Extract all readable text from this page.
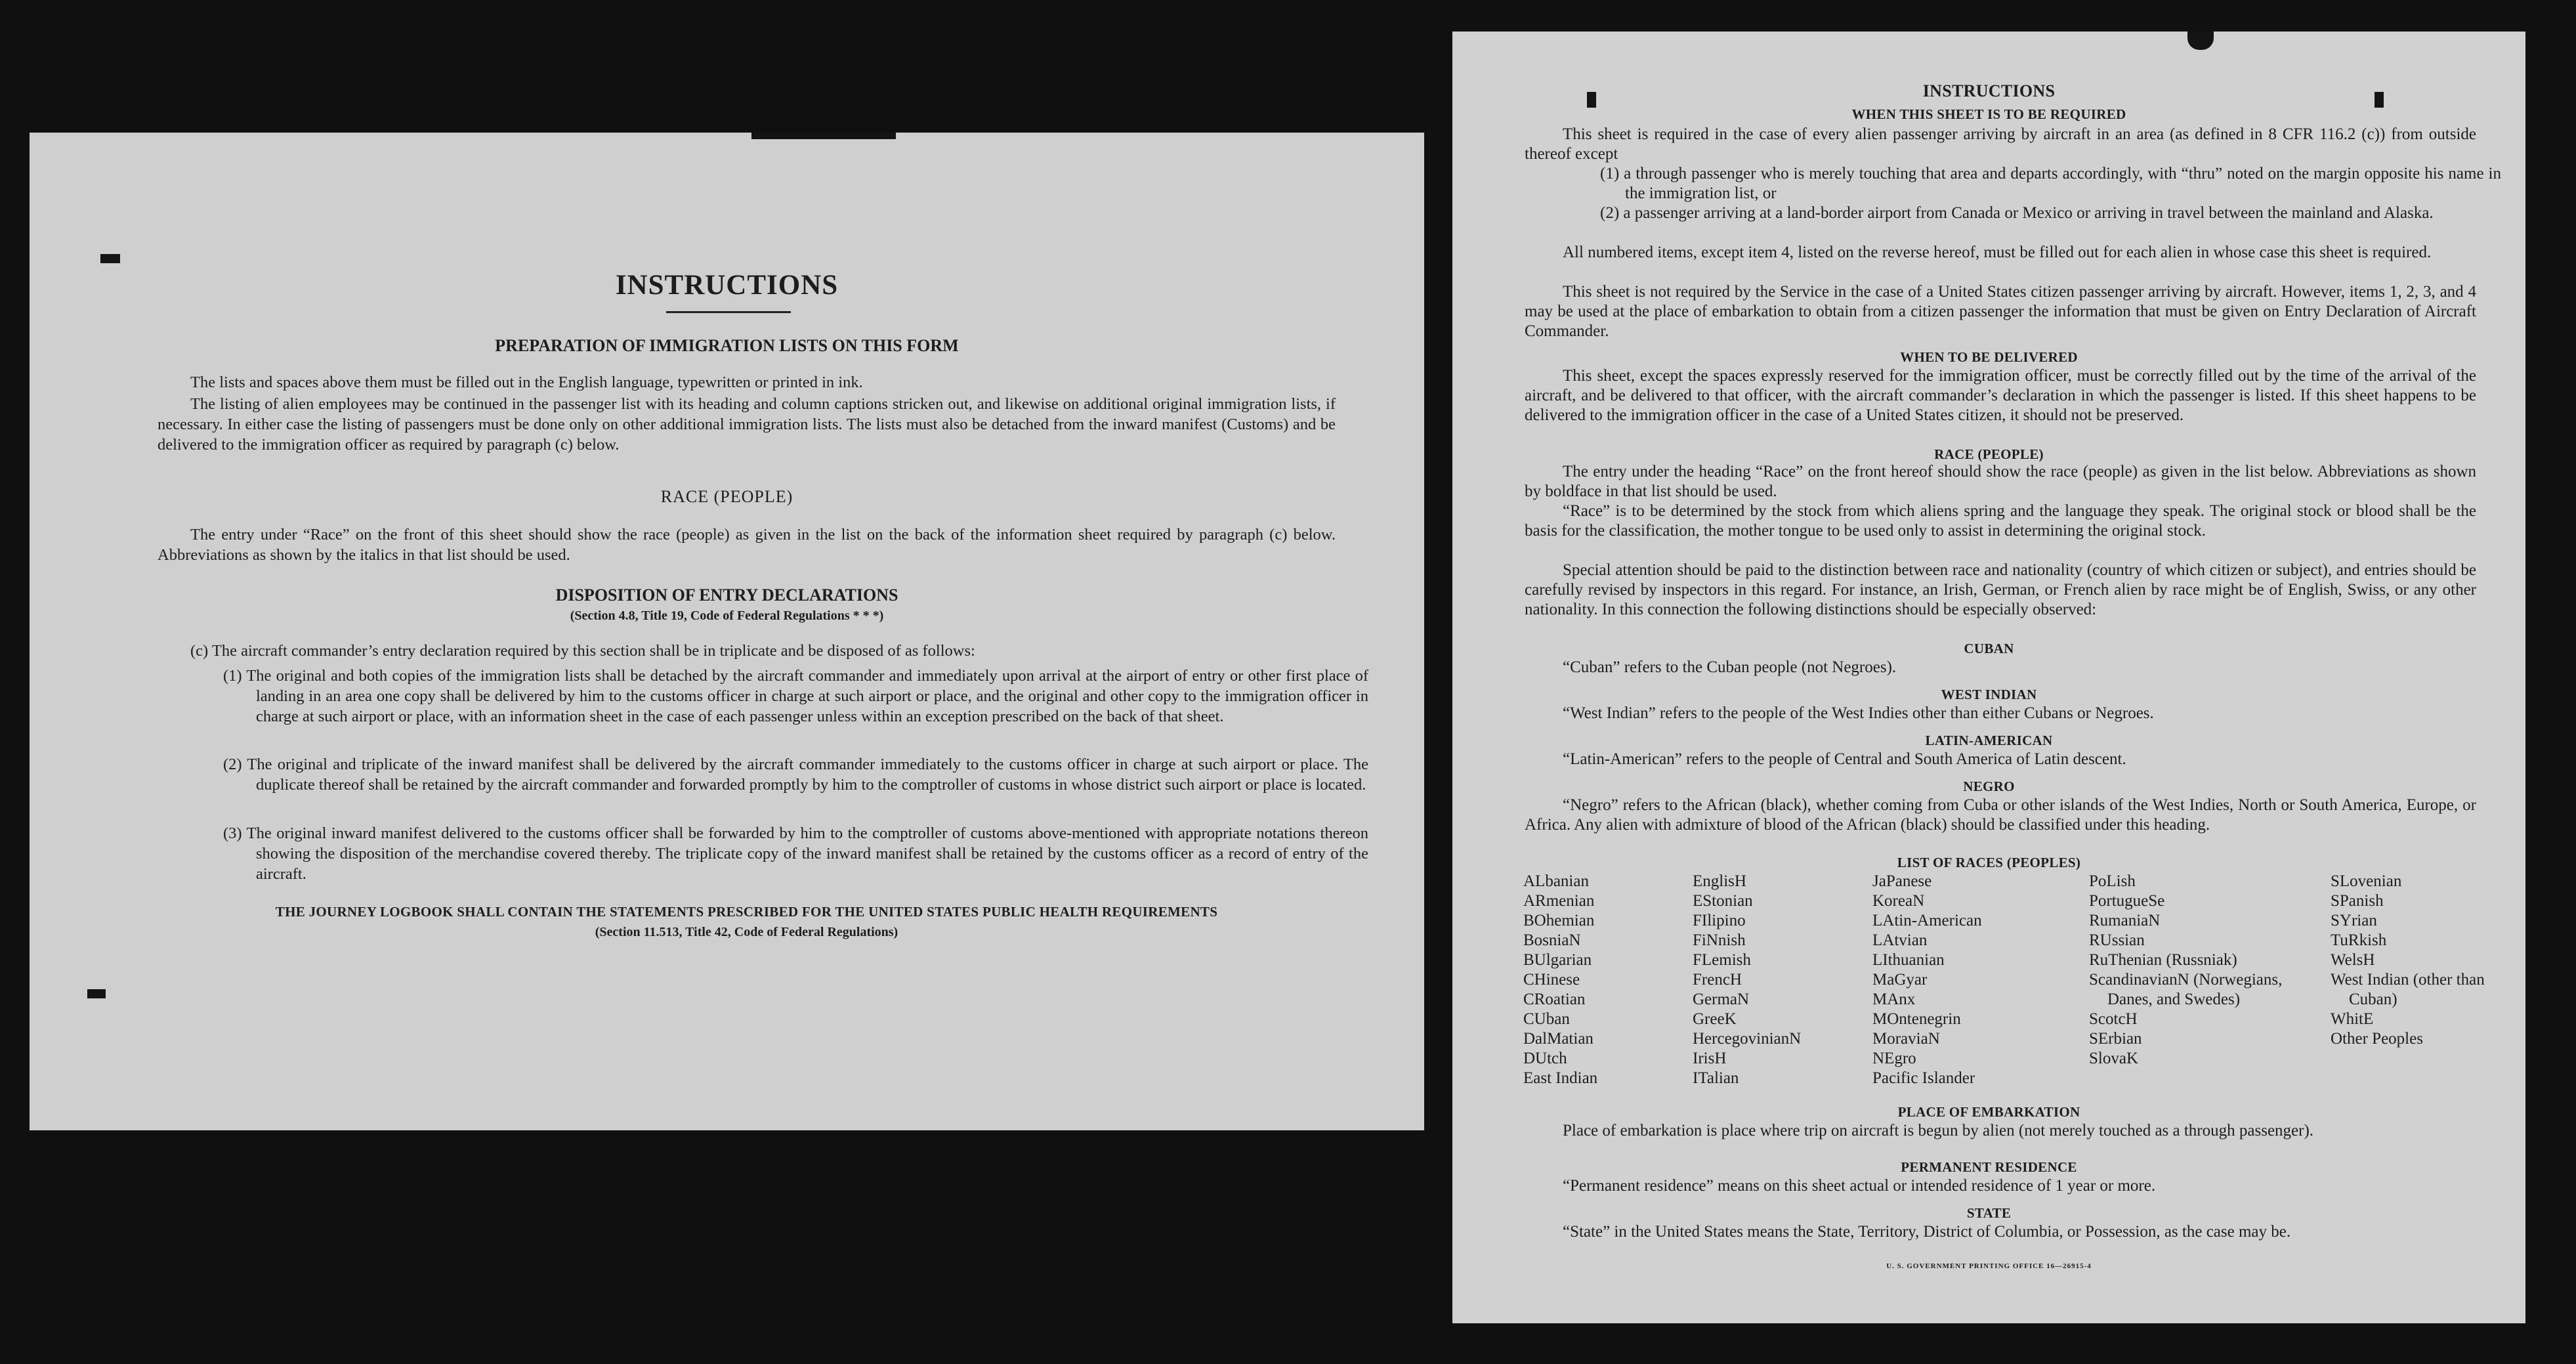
INSTRUCTIONS
PREPARATION OF IMMIGRATION LISTS ON THIS FORM
The lists and spaces above them must be filled out in the English language, typewritten or printed in ink.
The listing of alien employees may be continued in the passenger list with its heading and column captions stricken out, and likewise on additional original immigration lists, if necessary. In either case the listing of passengers must be done only on other additional immigration lists. The lists must also be detached from the inward manifest (Customs) and be delivered to the immigration officer as required by paragraph (c) below.
RACE (PEOPLE)
The entry under “Race” on the front of this sheet should show the race (people) as given in the list on the back of the information sheet required by paragraph (c) below. Abbreviations as shown by the italics in that list should be used.
DISPOSITION OF ENTRY DECLARATIONS
(Section 4.8, Title 19, Code of Federal Regulations * * *)
(c) The aircraft commander’s entry declaration required by this section shall be in triplicate and be disposed of as follows:
(1) The original and both copies of the immigration lists shall be detached by the aircraft commander and immediately upon arrival at the airport of entry or other first place of landing in an area one copy shall be delivered by him to the customs officer in charge at such airport or place, and the original and other copy to the immigration officer in charge at such airport or place, with an information sheet in the case of each passenger unless within an exception prescribed on the back of that sheet.
(2) The original and triplicate of the inward manifest shall be delivered by the aircraft commander immediately to the customs officer in charge at such airport or place. The duplicate thereof shall be retained by the aircraft commander and forwarded promptly by him to the comptroller of customs in whose district such airport or place is located.
(3) The original inward manifest delivered to the customs officer shall be forwarded by him to the comptroller of customs above-mentioned with appropriate notations thereon showing the disposition of the merchandise covered thereby. The triplicate copy of the inward manifest shall be retained by the customs officer as a record of entry of the aircraft.
THE JOURNEY LOGBOOK SHALL CONTAIN THE STATEMENTS PRESCRIBED FOR THE UNITED STATES PUBLIC HEALTH REQUIREMENTS
(Section 11.513, Title 42, Code of Federal Regulations)
INSTRUCTIONS
WHEN THIS SHEET IS TO BE REQUIRED
This sheet is required in the case of every alien passenger arriving by aircraft in an area (as defined in 8 CFR 116.2 (c)) from outside thereof except
(1) a through passenger who is merely touching that area and departs accordingly, with “thru” noted on the margin opposite his name in the immigration list, or
(2) a passenger arriving at a land-border airport from Canada or Mexico or arriving in travel between the mainland and Alaska.
All numbered items, except item 4, listed on the reverse hereof, must be filled out for each alien in whose case this sheet is required.
This sheet is not required by the Service in the case of a United States citizen passenger arriving by aircraft. However, items 1, 2, 3, and 4 may be used at the place of embarkation to obtain from a citizen passenger the information that must be given on Entry Declaration of Aircraft Commander.
WHEN TO BE DELIVERED
This sheet, except the spaces expressly reserved for the immigration officer, must be correctly filled out by the time of the arrival of the aircraft, and be delivered to that officer, with the aircraft commander’s declaration in which the passenger is listed. If this sheet happens to be delivered to the immigration officer in the case of a United States citizen, it should not be preserved.
RACE (PEOPLE)
The entry under the heading “Race” on the front hereof should show the race (people) as given in the list below. Abbreviations as shown by boldface in that list should be used.
“Race” is to be determined by the stock from which aliens spring and the language they speak. The original stock or blood shall be the basis for the classification, the mother tongue to be used only to assist in determining the original stock.
Special attention should be paid to the distinction between race and nationality (country of which citizen or subject), and entries should be carefully revised by inspectors in this regard. For instance, an Irish, German, or French alien by race might be of English, Swiss, or any other nationality. In this connection the following distinctions should be especially observed:
CUBAN
“Cuban” refers to the Cuban people (not Negroes).
WEST INDIAN
“West Indian” refers to the people of the West Indies other than either Cubans or Negroes.
LATIN-AMERICAN
“Latin-American” refers to the people of Central and South America of Latin descent.
NEGRO
“Negro” refers to the African (black), whether coming from Cuba or other islands of the West Indies, North or South America, Europe, or Africa. Any alien with admixture of blood of the African (black) should be classified under this heading.
LIST OF RACES (PEOPLES)
ALbanian
ARmenian
BOhemian
BosniaN
BUlgarian
CHinese
CRoatian
CUban
DalMatian
DUtch
East Indian
EnglisH
EStonian
FIlipino
FiNnish
FLemish
FrencH
GermaN
GreeK
HercegovinianN
IrisH
ITalian
JaPanese
KoreaN
LAtin-American
LAtvian
LIthuanian
MaGyar
MAnx
MOntenegrin
MoraviaN
NEgro
Pacific Islander
PoLish
PortugueSe
RumaniaN
RUssian
RuThenian (Russniak)
ScandinavianN (Norwegians, Danes, and Swedes)
ScotcH
SErbian
SlovaK
SLovenian
SPanish
SYrian
TuRkish
WelsH
West Indian (other than Cuban)
WhitE
Other Peoples
PLACE OF EMBARKATION
Place of embarkation is place where trip on aircraft is begun by alien (not merely touched as a through passenger).
PERMANENT RESIDENCE
“Permanent residence” means on this sheet actual or intended residence of 1 year or more.
STATE
“State” in the United States means the State, Territory, District of Columbia, or Possession, as the case may be.
U. S. GOVERNMENT PRINTING OFFICE 16—26915-4
